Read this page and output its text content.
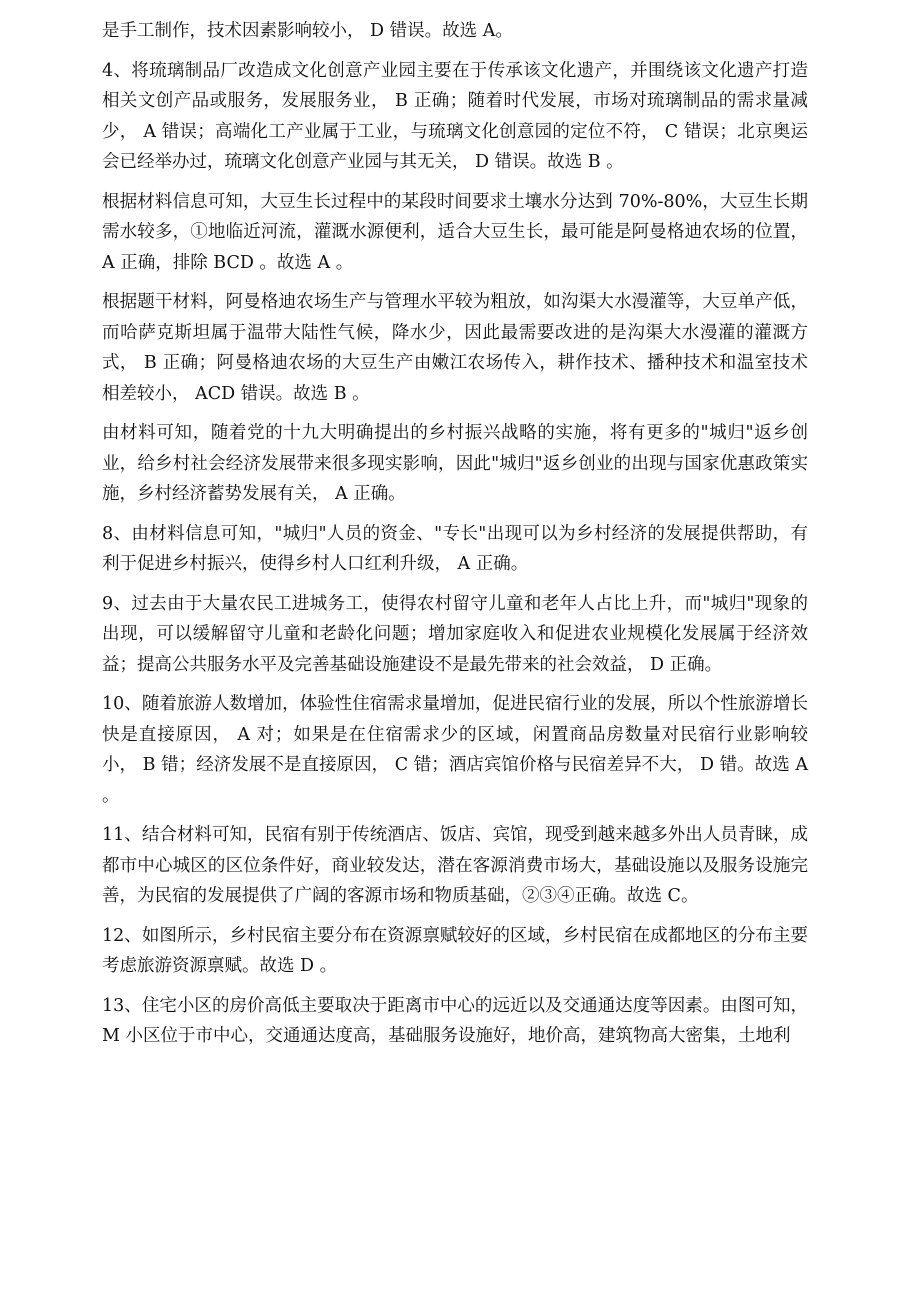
是手工制作，技术因素影响较小， D 错误。故选 A。

4、将琉璃制品厂改造成文化创意产业园主要在于传承该文化遗产，并围绕该文化遗产打造相关文创产品或服务，发展服务业， B 正确；随着时代发展，市场对琉璃制品的需求量减少， A 错误；高端化工产业属于工业，与琉璃文化创意园的定位不符， C 错误；北京奥运会已经举办过，琉璃文化创意产业园与其无关， D 错误。故选 B 。

根据材料信息可知，大豆生长过程中的某段时间要求土壤水分达到 70%-80%，大豆生长期需水较多，①地临近河流，灌溉水源便利，适合大豆生长，最可能是阿曼格迪农场的位置， A 正确，排除 BCD 。故选 A 。

根据题干材料，阿曼格迪农场生产与管理水平较为粗放，如沟渠大水漫灌等，大豆单产低，而哈萨克斯坦属于温带大陆性气候，降水少，因此最需要改进的是沟渠大水漫灌的灌溉方式， B 正确；阿曼格迪农场的大豆生产由嫩江农场传入，耕作技术、播种技术和温室技术相差较小， ACD 错误。故选 B 。

由材料可知，随着党的十九大明确提出的乡村振兴战略的实施，将有更多的"城归"返乡创业，给乡村社会经济发展带来很多现实影响，因此"城归"返乡创业的出现与国家优惠政策实施，乡村经济蓄势发展有关， A 正确。

8、由材料信息可知，"城归"人员的资金、"专长"出现可以为乡村经济的发展提供帮助，有利于促进乡村振兴，使得乡村人口红利升级， A 正确。

9、过去由于大量农民工进城务工，使得农村留守儿童和老年人占比上升，而"城归"现象的出现，可以缓解留守儿童和老龄化问题；增加家庭收入和促进农业规模化发展属于经济效益；提高公共服务水平及完善基础设施建设不是最先带来的社会效益， D 正确。

10、随着旅游人数增加，体验性住宿需求量增加，促进民宿行业的发展，所以个性旅游增长快是直接原因， A 对；如果是在住宿需求少的区域，闲置商品房数量对民宿行业影响较小， B 错；经济发展不是直接原因， C 错；酒店宾馆价格与民宿差异不大， D 错。故选 A 。

11、结合材料可知，民宿有别于传统酒店、饭店、宾馆，现受到越来越多外出人员青睐，成都市中心城区的区位条件好，商业较发达，潜在客源消费市场大，基础设施以及服务设施完善，为民宿的发展提供了广阔的客源市场和物质基础，②③④正确。故选 C。

12、如图所示，乡村民宿主要分布在资源禀赋较好的区域，乡村民宿在成都地区的分布主要考虑旅游资源禀赋。故选 D 。

13、住宅小区的房价高低主要取决于距离市中心的远近以及交通通达度等因素。由图可知，M 小区位于市中心，交通通达度高，基础服务设施好，地价高，建筑物高大密集，土地利
